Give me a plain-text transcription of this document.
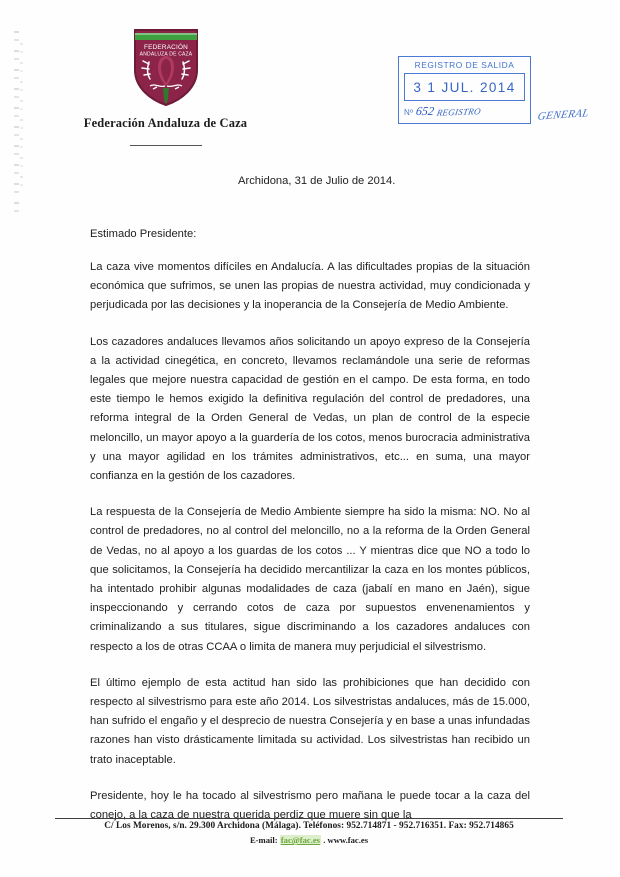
FEDERACIÓN
ANDALUZA DE CAZA
Federación Andaluza de Caza
REGISTRO DE SALIDA
3 1 JUL. 2014
Nº 652 REGISTRO	GENERAL
Archidona, 31 de Julio de 2014.

Estimado Presidente:

La caza vive momentos difíciles en Andalucía. A las dificultades propias de la situación económica que sufrimos, se unen las propias de nuestra actividad, muy condicionada y perjudicada por las decisiones y la inoperancia de la Consejería de Medio Ambiente.

Los cazadores andaluces llevamos años solicitando un apoyo expreso de la Consejería a la actividad cinegética, en concreto, llevamos reclamándole una serie de reformas legales que mejore nuestra capacidad de gestión en el campo. De esta forma, en todo este tiempo le hemos exigido la definitiva regulación del control de predadores, una reforma integral de la Orden General de Vedas, un plan de control de la especie meloncillo, un mayor apoyo a la guardería de los cotos, menos burocracia administrativa y una mayor agilidad en los trámites administrativos, etc... en suma, una mayor confianza en la gestión de los cazadores.

La respuesta de la Consejería de Medio Ambiente siempre ha sido la misma: NO. No al control de predadores, no al control del meloncillo, no a la reforma de la Orden General de Vedas, no al apoyo a los guardas de los cotos ... Y mientras dice que NO a todo lo que solicitamos, la Consejería ha decidido mercantilizar la caza en los montes públicos, ha intentado prohibir algunas modalidades de caza (jabalí en mano en Jaén), sigue inspeccionando y cerrando cotos de caza por supuestos envenenamientos y criminalizando a sus titulares, sigue discriminando a los cazadores andaluces con respecto a los de otras CCAA o limita de manera muy perjudicial el silvestrismo.

El último ejemplo de esta actitud han sido las prohibiciones que han decidido con respecto al silvestrismo para este año 2014. Los silvestristas andaluces, más de 15.000, han sufrido el engaño y el desprecio de nuestra Consejería y en base a unas infundadas razones han visto drásticamente limitada su actividad. Los silvestristas han recibido un trato inaceptable.

Presidente, hoy le ha tocado al silvestrismo pero mañana le puede tocar a la caza del conejo, a la caza de nuestra querida perdiz que muere sin que la

C/ Los Morenos, s/n. 29.300 Archidona (Málaga). Teléfonos: 952.714871 - 952.716351. Fax: 952.714865
E-mail: fac@fac.es . www.fac.es
